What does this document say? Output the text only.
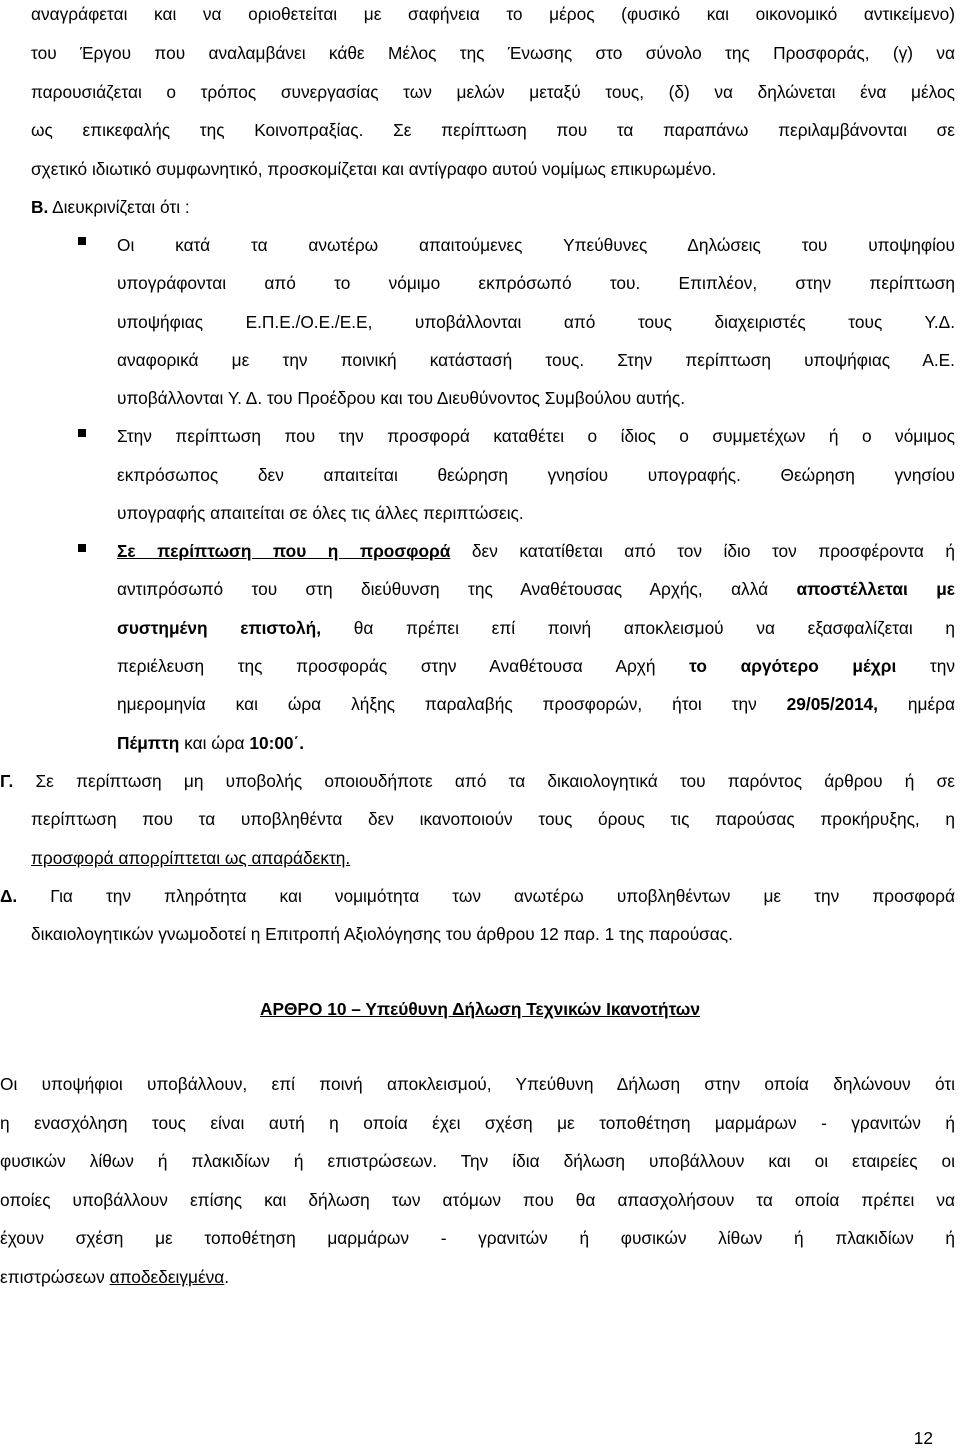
αναγράφεται και να οριοθετείται με σαφήνεια το μέρος (φυσικό και οικονομικό αντικείμενο)
του Έργου που αναλαμβάνει κάθε Μέλος της Ένωσης στο σύνολο της Προσφοράς, (γ) να
παρουσιάζεται ο τρόπος συνεργασίας των μελών μεταξύ τους, (δ) να δηλώνεται ένα μέλος
ως επικεφαλής της Κοινοπραξίας. Σε περίπτωση που τα παραπάνω περιλαμβάνονται σε
σχετικό ιδιωτικό συμφωνητικό, προσκομίζεται και αντίγραφο αυτού νομίμως επικυρωμένο.
Β. Διευκρινίζεται ότι :
Οι κατά τα ανωτέρω απαιτούμενες Υπεύθυνες Δηλώσεις του υποψηφίου
υπογράφονται από το νόμιμο εκπρόσωπό του. Επιπλέον, στην περίπτωση
υποψήφιας Ε.Π.Ε./Ο.Ε./Ε.Ε, υποβάλλονται από τους διαχειριστές τους Υ.Δ.
αναφορικά με την ποινική κατάστασή τους. Στην περίπτωση υποψήφιας Α.Ε.
υποβάλλονται Υ. Δ. του Προέδρου και του Διευθύνοντος Συμβούλου αυτής.
Στην περίπτωση που την προσφορά καταθέτει ο ίδιος ο συμμετέχων ή ο νόμιμος
εκπρόσωπος δεν απαιτείται θεώρηση γνησίου υπογραφής. Θεώρηση γνησίου
υπογραφής απαιτείται σε όλες τις άλλες περιπτώσεις.
Σε περίπτωση που η προσφορά δεν κατατίθεται από τον ίδιο τον προσφέροντα ή
αντιπρόσωπό του στη διεύθυνση της Αναθέτουσας Αρχής, αλλά αποστέλλεται με
συστημένη επιστολή, θα πρέπει επί ποινή αποκλεισμού να εξασφαλίζεται η
περιέλευση της προσφοράς στην Αναθέτουσα Αρχή το αργότερο μέχρι την
ημερομηνία και ώρα λήξης παραλαβής προσφορών, ήτοι την 29/05/2014, ημέρα
Πέμπτη και ώρα 10:00΄.
Γ. Σε περίπτωση μη υποβολής οποιουδήποτε από τα δικαιολογητικά του παρόντος άρθρου ή σε
περίπτωση που τα υποβληθέντα δεν ικανοποιούν τους όρους τις παρούσας προκήρυξης, η
προσφορά απορρίπτεται ως απαράδεκτη.
Δ. Για την πληρότητα και νομιμότητα των ανωτέρω υποβληθέντων με την προσφορά
δικαιολογητικών γνωμοδοτεί η Επιτροπή Αξιολόγησης του άρθρου 12 παρ. 1 της παρούσας.
ΑΡΘΡΟ 10 – Υπεύθυνη Δήλωση Τεχνικών Ικανοτήτων
Οι υποψήφιοι υποβάλλουν, επί ποινή αποκλεισμού, Υπεύθυνη Δήλωση στην οποία δηλώνουν ότι
η ενασχόληση τους είναι αυτή η οποία έχει σχέση με τοποθέτηση μαρμάρων - γρανιτών ή
φυσικών λίθων ή πλακιδίων ή επιστρώσεων. Την ίδια δήλωση υποβάλλουν και οι εταιρείες οι
οποίες υποβάλλουν επίσης και δήλωση των ατόμων που θα απασχολήσουν τα οποία πρέπει να
έχουν σχέση με τοποθέτηση μαρμάρων - γρανιτών ή φυσικών λίθων ή πλακιδίων ή
επιστρώσεων αποδεδειγμένα.
12
